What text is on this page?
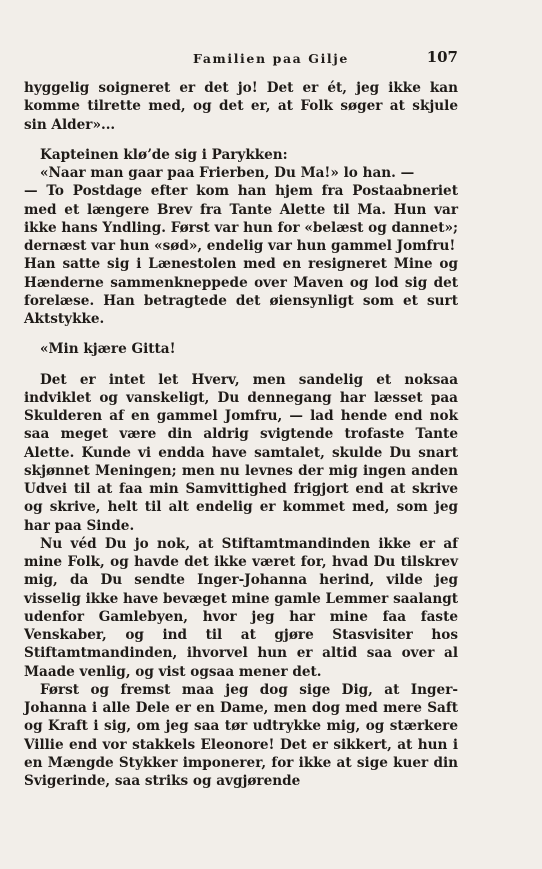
Familien paa Gilje	107

hyggelig soigneret er det jo! Det er ét, jeg ikke kan komme tilrette med, og det er, at Folk søger at skjule sin Alder»...

Kapteinen kløʼde sig i Parykken:

«Naar man gaar paa Frierben, Du Ma!» lo han. —

— To Postdage efter kom han hjem fra Postaabneriet med et længere Brev fra Tante Alette til Ma. Hun var ikke hans Yndling. Først var hun for «belæst og dannet»; dernæst var hun «sød», endelig var hun gammel Jomfru!

Han satte sig i Lænestolen med en resigneret Mine og Hænderne sammenkneppede over Maven og lod sig det forelæse. Han betragtede det øiensynligt som et surt Aktstykke.

«Min kjære Gitta!

Det er intet let Hverv, men sandelig et noksaa indviklet og vanskeligt, Du dennegang har læsset paa Skulderen af en gammel Jomfru, — lad hende end nok saa meget være din aldrig svigtende trofaste Tante Alette. Kunde vi endda have samtalet, skulde Du snart skjønnet Meningen; men nu levnes der mig ingen anden Udvei til at faa min Samvittighed frigjort end at skrive og skrive, helt til alt endelig er kommet med, som jeg har paa Sinde.

Nu véd Du jo nok, at Stiftamtmandinden ikke er af mine Folk, og havde det ikke været for, hvad Du tilskrev mig, da Du sendte Inger-Johanna herind, vilde jeg visselig ikke have bevæget mine gamle Lemmer saalangt udenfor Gamlebyen, hvor jeg har mine faa faste Venskaber, og ind til at gjøre Stasvisiter hos Stiftamtmandinden, ihvorvel hun er altid saa over al Maade venlig, og vist ogsaa mener det.

Først og fremst maa jeg dog sige Dig, at Inger-Johanna i alle Dele er en Dame, men dog med mere Saft og Kraft i sig, om jeg saa tør udtrykke mig, og stærkere Villie end vor stakkels Eleonore! Det er sikkert, at hun i en Mængde Stykker imponerer, for ikke at sige kuer din Svigerinde, saa striks og avgjørende
